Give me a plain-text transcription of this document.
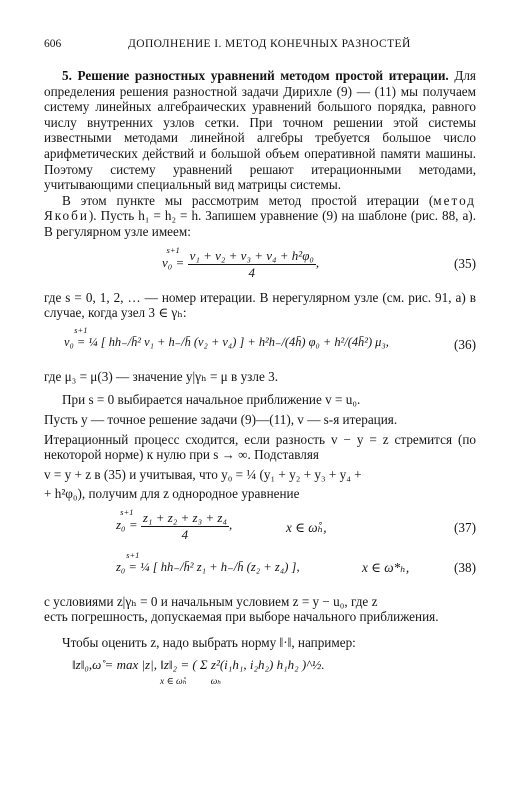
606	ДОПОЛНЕНИЕ I. МЕТОД КОНЕЧНЫХ РАЗНОСТЕЙ

5. Решение разностных уравнений методом простой итерации. Для определения решения разностной задачи Дирихле (9) — (11) мы получаем систему линейных алгебраических уравнений большого порядка, равного числу внутренних узлов сетки. При точном решении этой системы известными методами линейной алгебры требуется большое число арифметических действий и большой объем оперативной памяти машины. Поэтому систему уравнений решают итерационными методами, учитывающими специальный вид матрицы системы.

В этом пункте мы рассмотрим метод простой итерации (метод Якоби). Пусть h₁ = h₂ = h. Запишем уравнение (9) на шаблоне (рис. 88, а). В регулярном узле имеем:

s+1 $v_0 = \frac{\text{v₁ + v₂ + v₃ + v₄ + h²φ₀}}{4}$ ,	(35)

где s = 0, 1, 2, … — номер итерации. В нерегулярном узле (см. рис. 91, а) в случае, когда узел 3 ∈ γₕ:

s+1 v₀ = ¼ [ hh₋/h̄² v₁ + h₋/h̄ (v₂ + v₄) ] + h²h₋/(4h̄) φ₀ + h²/(4h̄²) μ₃,	(36)

где μ₃ = μ(3) — значение y|γₕ = μ в узле 3.

При s = 0 выбирается начальное приближение v = u₀.

Пусть y — точное решение задачи (9)—(11), v — s-я итерация.

Итерационный процесс сходится, если разность v − y = z стремится (по некоторой норме) к нулю при s → ∞. Подставляя

v = y + z в (35) и учитывая, что y₀ = ¼ (y₁ + y₂ + y₃ + y₄ +

+ h²φ₀), получим для z однородное уравнение

s+1 $z_0 = \frac{\text{z₁ + z₂ + z₃ + z₄}}{4}$ ,	x ∈ ω̊ₕ,	(37)
s+1 z₀ = ¼ [ hh₋/h̄² z₁ + h₋/h̄ (z₂ + z₄) ],	x ∈ ω*ₕ,	(38)

с условиями z|γₕ = 0 и начальным условием z = y − u₀, где z

есть погрешность, допускаемая при выборе начального приближения.

Чтобы оценить z, надо выбрать норму ‖·‖, например:

‖z‖₀,ω̊ = max |z|, ‖z‖₂ = ( Σ z²(i₁h₁, i₂h₂) h₁h₂ )^½.
x ∈ ω̊ₕ          ωₕ
